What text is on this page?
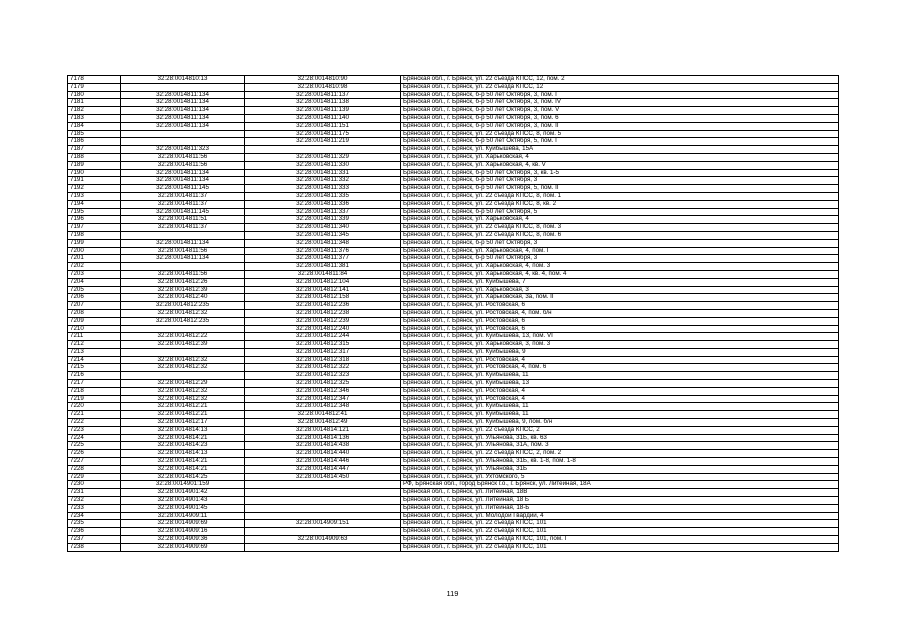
7178	32:28:0014810:13	32:28:0014810:90	Брянская обл., г. Брянск, ул. 22 съезда КПСС, 12, пом. 2
7179		32:28:0014810:98	Брянская обл., г. Брянск, ул. 22 съезда КПСС, 12
7180	32:28:0014811:134	32:28:0014811:137	Брянская обл., г. Брянск, б-р 50 лет Октября, 3, пом. I
7181	32:28:0014811:134	32:28:0014811:138	Брянская обл., г. Брянск, б-р 50 лет Октября, 3, пом. IV
7182	32:28:0014811:134	32:28:0014811:139	Брянская обл., г. Брянск, б-р 50 лет Октября, 3, пом. V
7183	32:28:0014811:134	32:28:0014811:140	Брянская обл., г. Брянск, б-р 50 лет Октября, 3, пом. 6
7184	32:28:0014811:134	32:28:0014811:151	Брянская обл., г. Брянск, б-р 50 лет Октября, 3, пом. II
7185		32:28:0014811:175	Брянская обл., г. Брянск, ул. 22 съезда КПСС, 8, пом. 5
7186		32:28:0014811:219	Брянская обл., г. Брянск, б-р 50 лет Октября, 5, пом. I
7187	32:28:0014811:323		Брянская обл., г. Брянск, ул. Куйбышева, 15А
7188	32:28:0014811:56	32:28:0014811:329	Брянская обл., г. Брянск, ул. Харьковская, 4
7189	32:28:0014811:56	32:28:0014811:330	Брянская обл., г. Брянск, ул. Харьковская, 4, кв. V
7190	32:28:0014811:134	32:28:0014811:331	Брянская обл., г. Брянск, б-р 50 лет Октября, 3, кв. 1-5
7191	32:28:0014811:134	32:28:0014811:332	Брянская обл., г. Брянск, б-р 50 лет Октября, 3
7192	32:28:0014811:145	32:28:0014811:333	Брянская обл., г. Брянск, б-р 50 лет Октября, 5, пом. II
7193	32:28:0014811:37	32:28:0014811:335	Брянская обл., г. Брянск, ул. 22 съезда КПСС, 8, пом. 1
7194	32:28:0014811:37	32:28:0014811:336	Брянская обл., г. Брянск, ул. 22 съезда КПСС, 8, кв. 2
7195	32:28:0014811:145	32:28:0014811:337	Брянская обл., г. Брянск, б-р 50 лет Октября, 5
7196	32:28:0014811:51	32:28:0014811:339	Брянская обл., г. Брянск, ул. Харьковская, 4
7197	32:28:0014811:37	32:28:0014811:340	Брянская обл., г. Брянск, ул. 22 съезда КПСС, 8, пом. 3
7198		32:28:0014811:345	Брянская обл., г. Брянск, ул. 22 съезда КПСС, 8, пом. 6
7199	32:28:0014811:134	32:28:0014811:348	Брянская обл., г. Брянск, б-р 50 лет Октября, 3
7200	32:28:0014811:56	32:28:0014811:376	Брянская обл., г. Брянск, ул. Харьковская, 4, пом. I
7201	32:28:0014811:134	32:28:0014811:377	Брянская обл., г. Брянск, б-р 50 лет Октября, 3
7202		32:28:0014811:381	Брянская обл., г. Брянск, ул. Харьковская, 4, пом. 3
7203	32:28:0014811:56	32:28:0014811:84	Брянская обл., г. Брянск, ул. Харьковская, 4, кв. 4, пом. 4
7204	32:28:0014812:26	32:28:0014812:104	Брянская обл., г. Брянск, ул. Куйбышева, 7
7205	32:28:0014812:39	32:28:0014812:141	Брянская обл., г. Брянск, ул. Харьковская, 3
7206	32:28:0014812:40	32:28:0014812:158	Брянская обл., г. Брянск, ул. Харьковская, 3а, пом. II
7207	32:28:0014812:235	32:28:0014812:236	Брянская обл., г. Брянск, ул. Ростовская, 6
7208	32:28:0014812:32	32:28:0014812:238	Брянская обл., г. Брянск, ул. Ростовская, 4, пом. б/н
7209	32:28:0014812:235	32:28:0014812:239	Брянская обл., г. Брянск, ул. Ростовская, 6
7210		32:28:0014812:240	Брянская обл., г. Брянск, ул. Ростовская, 6
7211	32:28:0014812:22	32:28:0014812:244	Брянская обл., г. Брянск, ул. Куйбышева, 13, пом. VI
7212	32:28:0014812:39	32:28:0014812:315	Брянская обл., г. Брянск, ул. Харьковская, 3, пом. 3
7213		32:28:0014812:317	Брянская обл., г. Брянск, ул. Куйбышева, 9
7214	32:28:0014812:32	32:28:0014812:318	Брянская обл., г. Брянск, ул. Ростовская, 4
7215	32:28:0014812:32	32:28:0014812:322	Брянская обл., г. Брянск, ул. Ростовская, 4, пом. 6
7216		32:28:0014812:323	Брянская обл., г. Брянск, ул. Куйбышева, 11
7217	32:28:0014812:29	32:28:0014812:325	Брянская обл., г. Брянск, ул. Куйбышева, 13
7218	32:28:0014812:32	32:28:0014812:346	Брянская обл., г. Брянск, ул. Ростовская, 4
7219	32:28:0014812:32	32:28:0014812:347	Брянская обл., г. Брянск, ул. Ростовская, 4
7220	32:28:0014812:21	32:28:0014812:348	Брянская обл., г. Брянск, ул. Куйбышева, 11
7221	32:28:0014812:21	32:28:0014812:41	Брянская обл., г. Брянск, ул. Куйбышева, 11
7222	32:28:0014812:17	32:28:0014812:49	Брянская обл., г. Брянск, ул. Куйбышева, 9, пом. б/н
7223	32:28:0014814:13	32:28:0014814:121	Брянская обл., г. Брянск, ул. 22 съезда КПСС, 2
7224	32:28:0014814:21	32:28:0014814:136	Брянская обл., г. Брянск, ул. Ульянова, 31Б, кв. 63
7225	32:28:0014814:23	32:28:0014814:438	Брянская обл., г. Брянск, ул. Ульянова, 31А, пом. 3
7226	32:28:0014814:13	32:28:0014814:440	Брянская обл., г. Брянск, ул. 22 съезда КПСС, 2, пом. 2
7227	32:28:0014814:21	32:28:0014814:446	Брянская обл., г. Брянск, ул. Ульянова, 31Б, кв. 1-8, пом. 1-8
7228	32:28:0014814:21	32:28:0014814:447	Брянская обл., г. Брянск, ул. Ульянова, 31Б
7229	32:28:0014814:25	32:28:0014814:450	Брянская обл., г. Брянск, ул. Ухтомского, 5
7230	32:28:0014901:159		РФ, Брянская обл., город Брянск г.о., г. Брянск, ул. Литейная, 18А
7231	32:28:0014901:42		Брянская обл., г. Брянск, ул. Литейная, 18В
7232	32:28:0014901:43		Брянская обл., г. Брянск, ул. Литейная, 18 Б
7233	32:28:0014901:45		Брянская обл., г. Брянск, ул. Литейная, 18-Б
7234	32:28:0014909:11		Брянская обл., г. Брянск, ул. Молодой Гвардии, 4
7235	32:28:0014909:69	32:28:0014909:151	Брянская обл., г. Брянск, ул. 22 съезда КПСС, 101
7236	32:28:0014909:16		Брянская обл., г. Брянск, ул. 22 съезда КПСС, 101
7237	32:28:0014909:36	32:28:0014909:63	Брянская обл., г. Брянск, ул. 22 съезда КПСС, 101, пом. I
7238	32:28:0014909:69		Брянская обл., г. Брянск, ул. 22 съезда КПСС, 101
119
